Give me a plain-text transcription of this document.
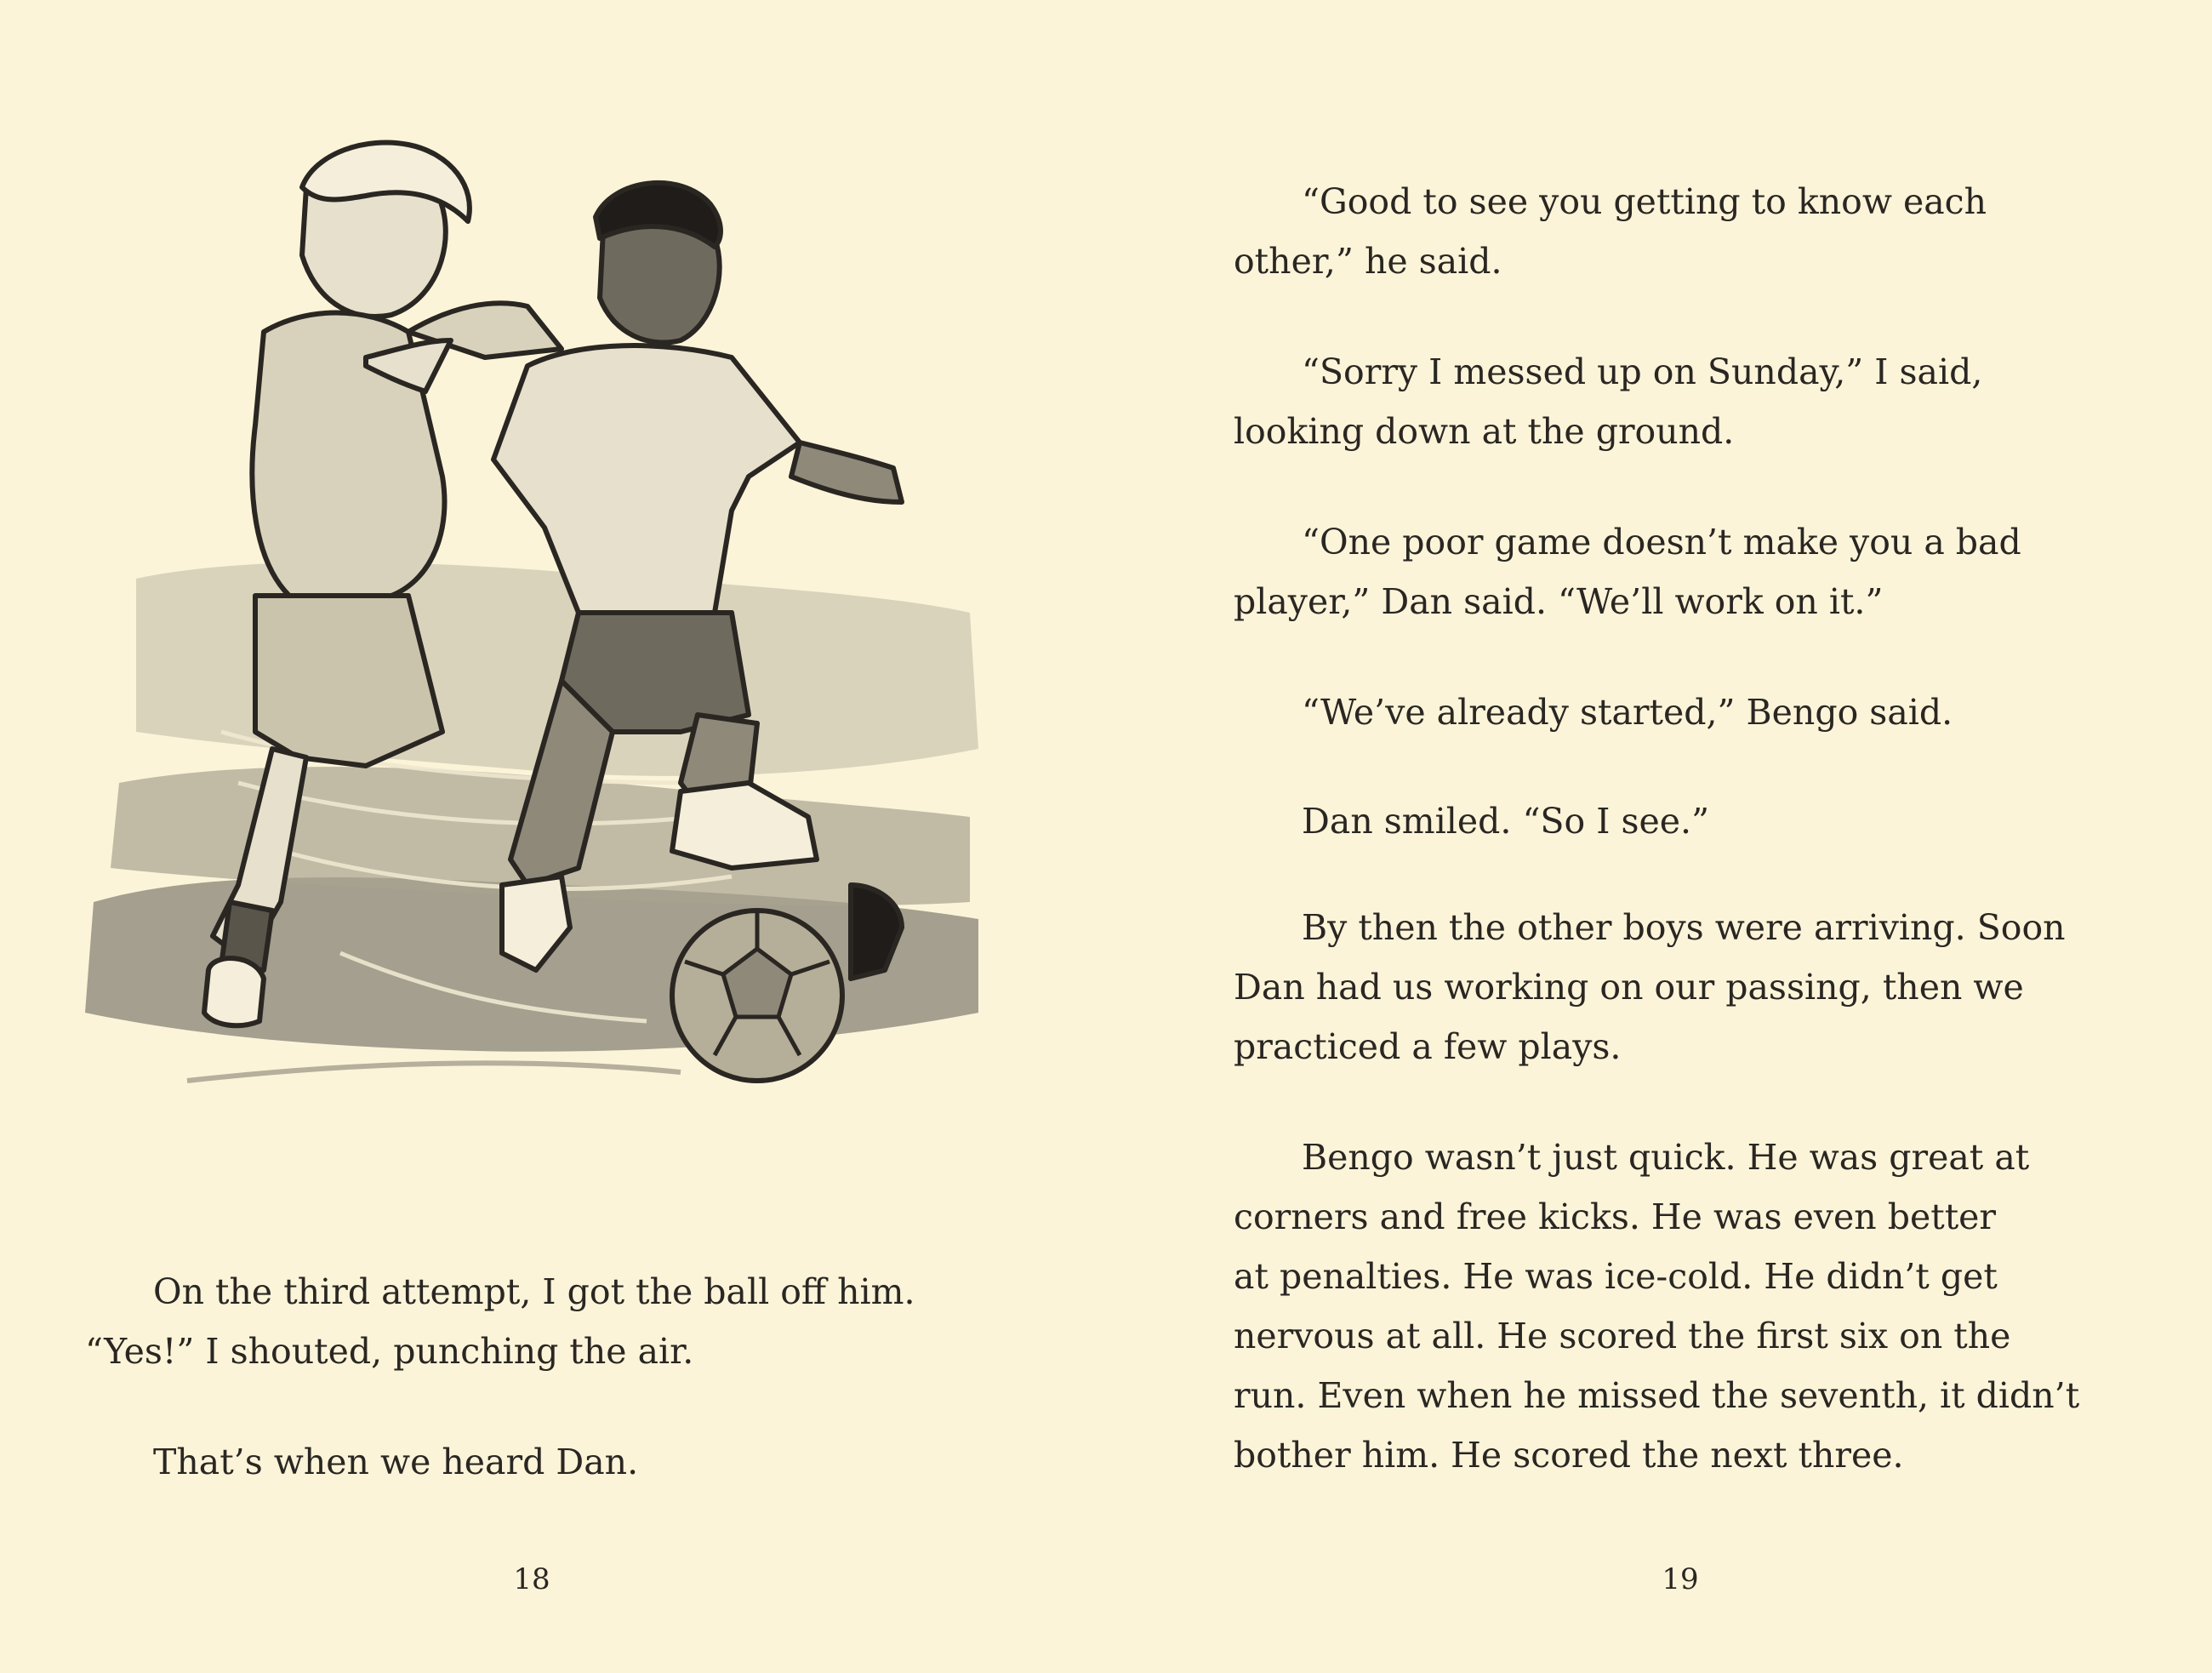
On the third attempt, I got the ball off him.
“Yes!” I shouted, punching the air.

That’s when we heard Dan.

18

“Good to see you getting to know each
other,” he said.

“Sorry I messed up on Sunday,” I said,
looking down at the ground.

“One poor game doesn’t make you a bad
player,” Dan said. “We’ll work on it.”

“We’ve already started,” Bengo said.

Dan smiled. “So I see.”

By then the other boys were arriving. Soon
Dan had us working on our passing, then we
practiced a few plays.

Bengo wasn’t just quick. He was great at
corners and free kicks. He was even better
at penalties. He was ice-cold. He didn’t get
nervous at all. He scored the first six on the
run. Even when he missed the seventh, it didn’t
bother him. He scored the next three.

19
